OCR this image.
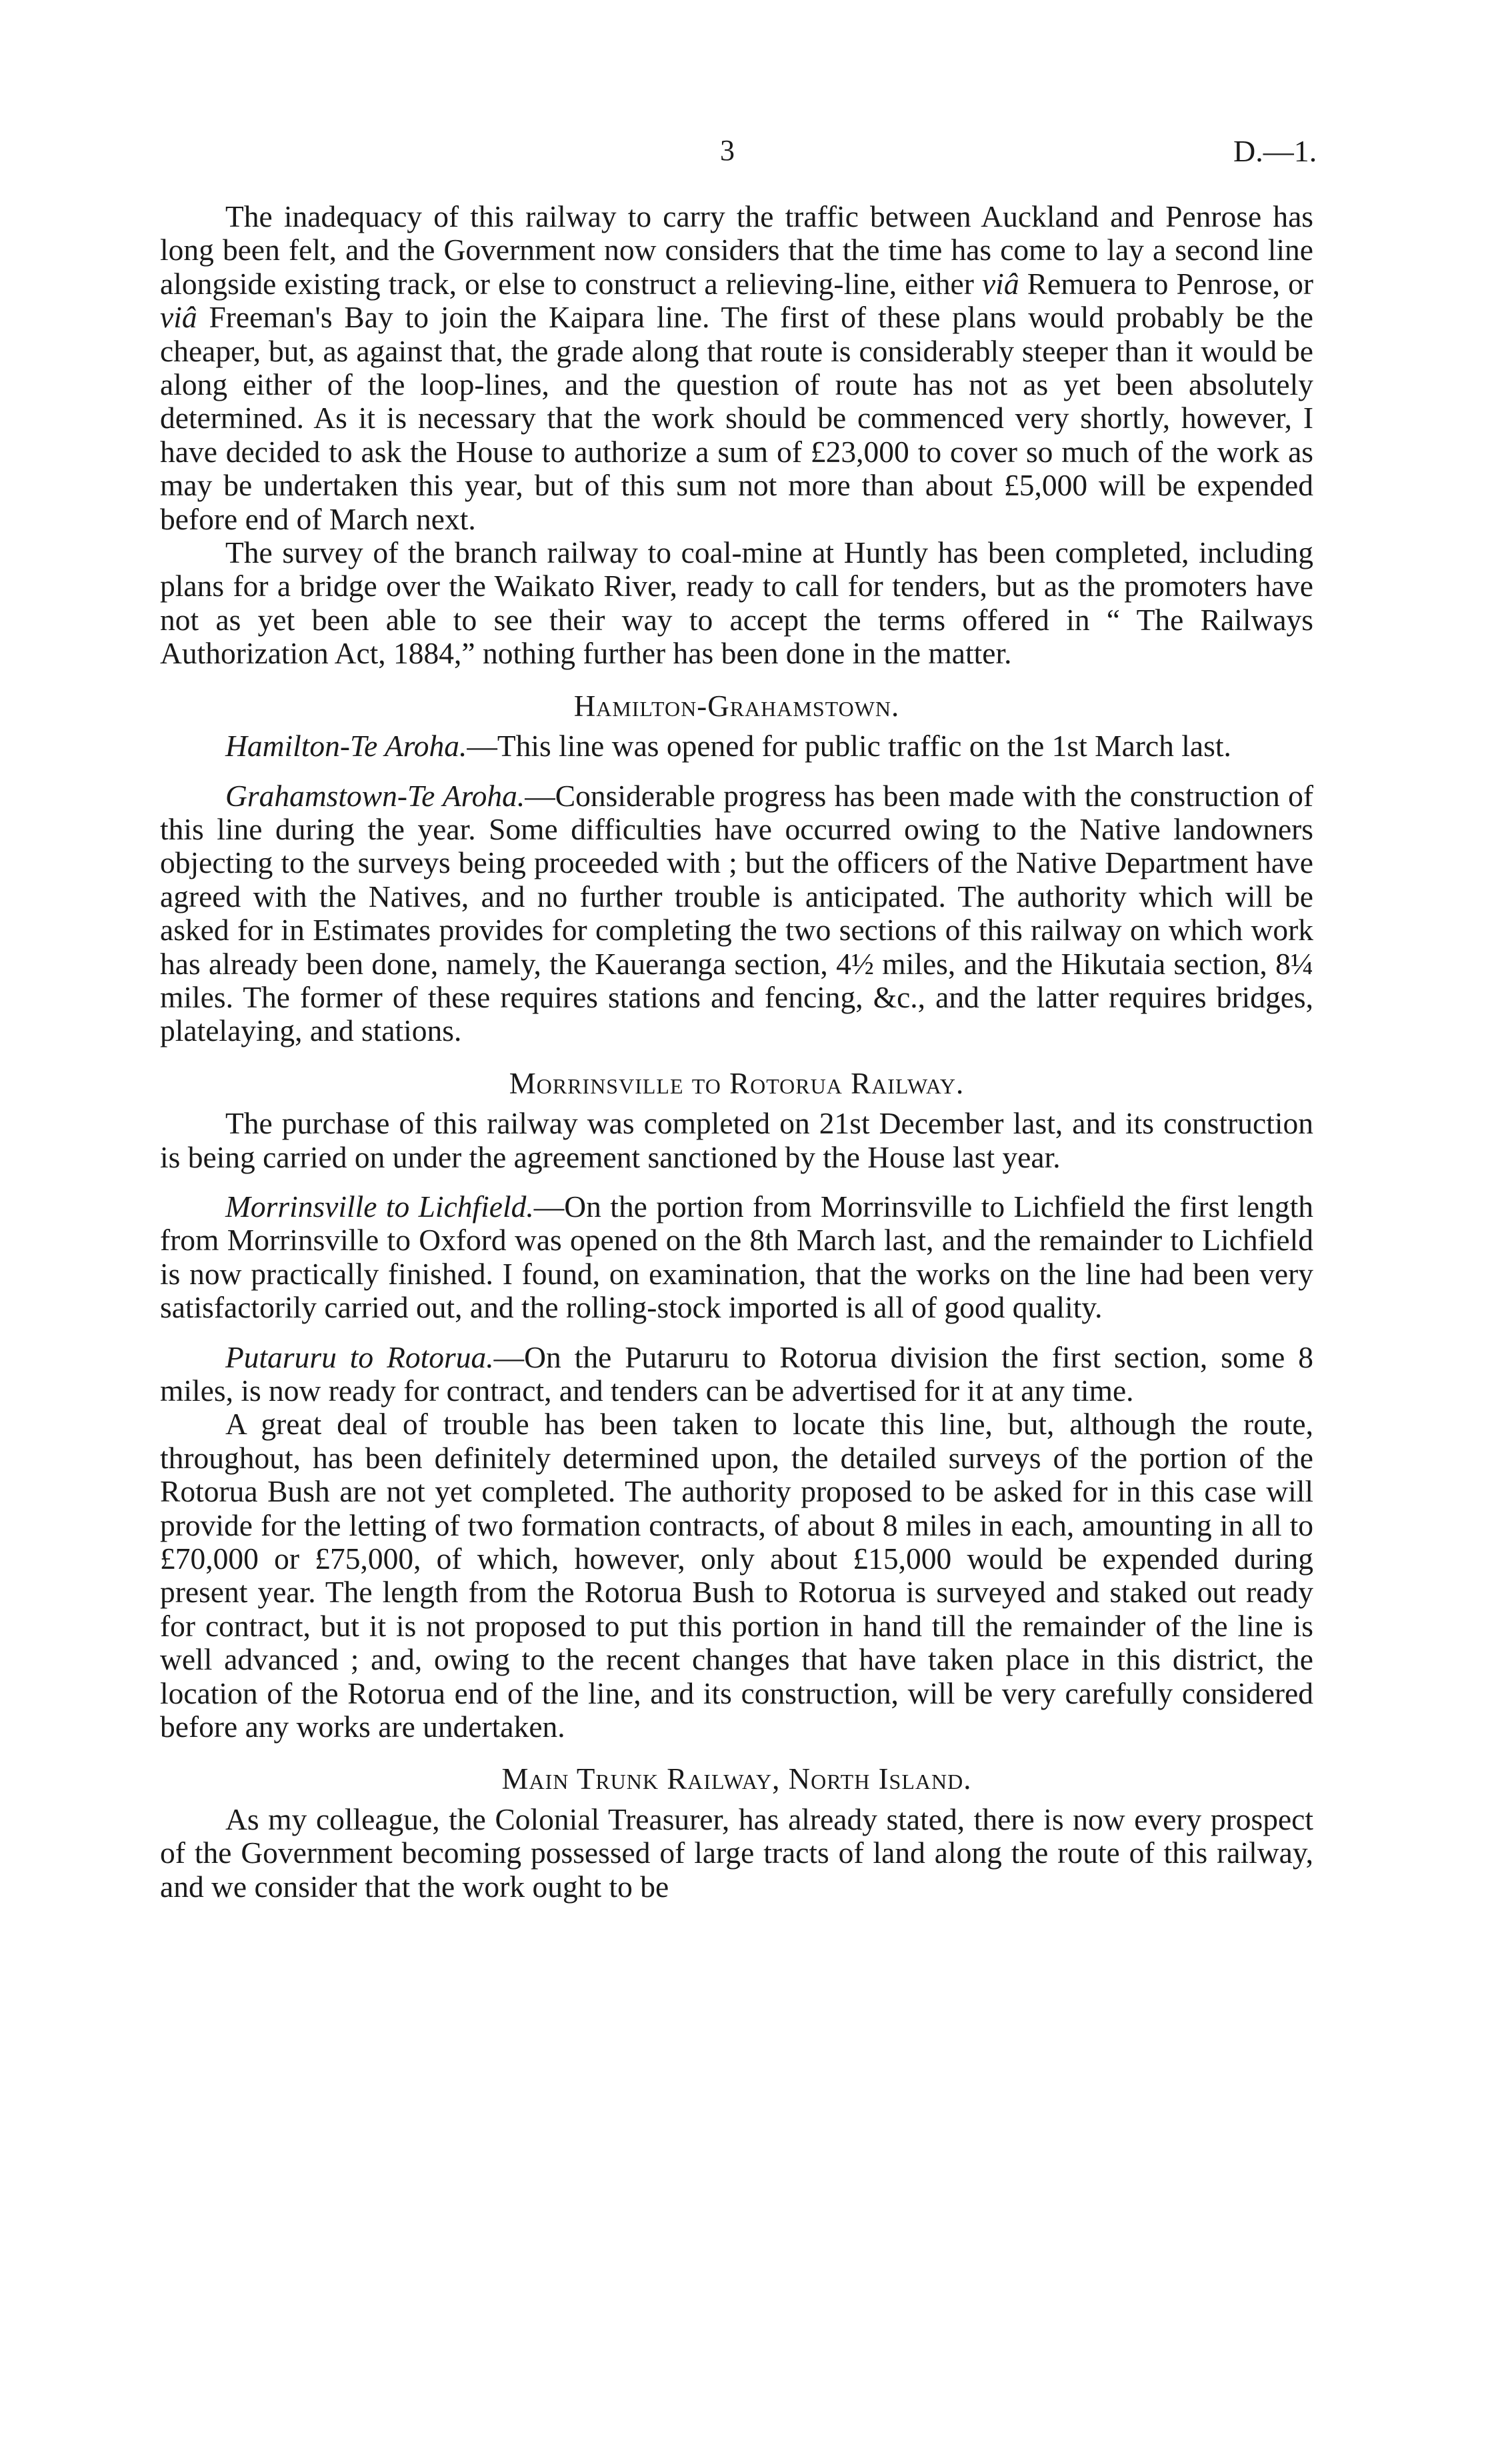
3	D.—1.

The inadequacy of this railway to carry the traffic between Auckland and Penrose has long been felt, and the Government now considers that the time has come to lay a second line alongside existing track, or else to construct a relieving-line, either viâ Remuera to Penrose, or viâ Freeman's Bay to join the Kaipara line. The first of these plans would probably be the cheaper, but, as against that, the grade along that route is considerably steeper than it would be along either of the loop-lines, and the question of route has not as yet been absolutely determined. As it is necessary that the work should be commenced very shortly, however, I have decided to ask the House to authorize a sum of £23,000 to cover so much of the work as may be undertaken this year, but of this sum not more than about £5,000 will be expended before end of March next.

The survey of the branch railway to coal-mine at Huntly has been completed, including plans for a bridge over the Waikato River, ready to call for tenders, but as the promoters have not as yet been able to see their way to accept the terms offered in “ The Railways Authorization Act, 1884,” nothing further has been done in the matter.

Hamilton-Grahamstown.

Hamilton-Te Aroha.—This line was opened for public traffic on the 1st March last.

Grahamstown-Te Aroha.—Considerable progress has been made with the construction of this line during the year. Some difficulties have occurred owing to the Native landowners objecting to the surveys being proceeded with ; but the officers of the Native Department have agreed with the Natives, and no further trouble is anticipated. The authority which will be asked for in Estimates provides for completing the two sections of this railway on which work has already been done, namely, the Kaueranga section, 4½ miles, and the Hikutaia section, 8¼ miles. The former of these requires stations and fencing, &c., and the latter requires bridges, platelaying, and stations.

Morrinsville to Rotorua Railway.

The purchase of this railway was completed on 21st December last, and its construction is being carried on under the agreement sanctioned by the House last year.

Morrinsville to Lichfield.—On the portion from Morrinsville to Lichfield the first length from Morrinsville to Oxford was opened on the 8th March last, and the remainder to Lichfield is now practically finished. I found, on examination, that the works on the line had been very satisfactorily carried out, and the rolling-stock imported is all of good quality.

Putaruru to Rotorua.—On the Putaruru to Rotorua division the first section, some 8 miles, is now ready for contract, and tenders can be advertised for it at any time.

A great deal of trouble has been taken to locate this line, but, although the route, throughout, has been definitely determined upon, the detailed surveys of the portion of the Rotorua Bush are not yet completed. The authority proposed to be asked for in this case will provide for the letting of two formation contracts, of about 8 miles in each, amounting in all to £70,000 or £75,000, of which, however, only about £15,000 would be expended during present year. The length from the Rotorua Bush to Rotorua is surveyed and staked out ready for contract, but it is not proposed to put this portion in hand till the remainder of the line is well advanced ; and, owing to the recent changes that have taken place in this district, the location of the Rotorua end of the line, and its construction, will be very carefully considered before any works are undertaken.

Main Trunk Railway, North Island.

As my colleague, the Colonial Treasurer, has already stated, there is now every prospect of the Government becoming possessed of large tracts of land along the route of this railway, and we consider that the work ought to be
